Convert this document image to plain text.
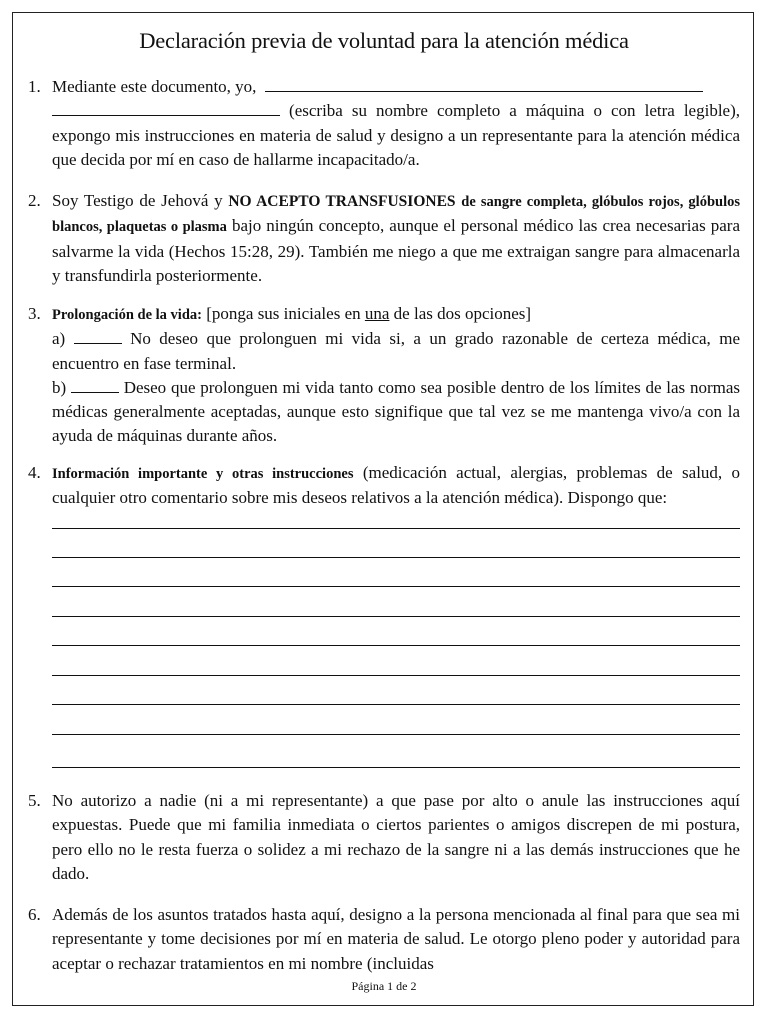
Declaración previa de voluntad para la atención médica
1. Mediante este documento, yo,
(escriba su nombre completo a máquina o con letra legible), expongo mis instrucciones en materia de salud y designo a un representante para la atención médica que decida por mí en caso de hallarme incapacitado/a.
2. Soy Testigo de Jehová y NO ACEPTO TRANSFUSIONES de sangre completa, glóbulos rojos, glóbulos blancos, plaquetas o plasma bajo ningún concepto, aunque el personal médico las crea necesarias para salvarme la vida (Hechos 15:28, 29). También me niego a que me extraigan sangre para almacenarla y transfundirla posteriormente.
3. Prolongación de la vida: [ponga sus iniciales en una de las dos opciones]
a)	No deseo que prolonguen mi vida si, a un grado razonable de certeza médica, me encuentro en fase terminal.
b)	Deseo que prolonguen mi vida tanto como sea posible dentro de los límites de las normas médicas generalmente aceptadas, aunque esto signifique que tal vez se me mantenga vivo/a con la ayuda de máquinas durante años.
4. Información importante y otras instrucciones (medicación actual, alergias, problemas de salud, o cualquier otro comentario sobre mis deseos relativos a la atención médica). Dispongo que:
5. No autorizo a nadie (ni a mi representante) a que pase por alto o anule las instrucciones aquí expuestas. Puede que mi familia inmediata o ciertos parientes o amigos discrepen de mi postura, pero ello no le resta fuerza o solidez a mi rechazo de la sangre ni a las demás instrucciones que he dado.
6. Además de los asuntos tratados hasta aquí, designo a la persona mencionada al final para que sea mi representante y tome decisiones por mí en materia de salud. Le otorgo pleno poder y autoridad para aceptar o rechazar tratamientos en mi nombre (incluidas
Página 1 de 2
